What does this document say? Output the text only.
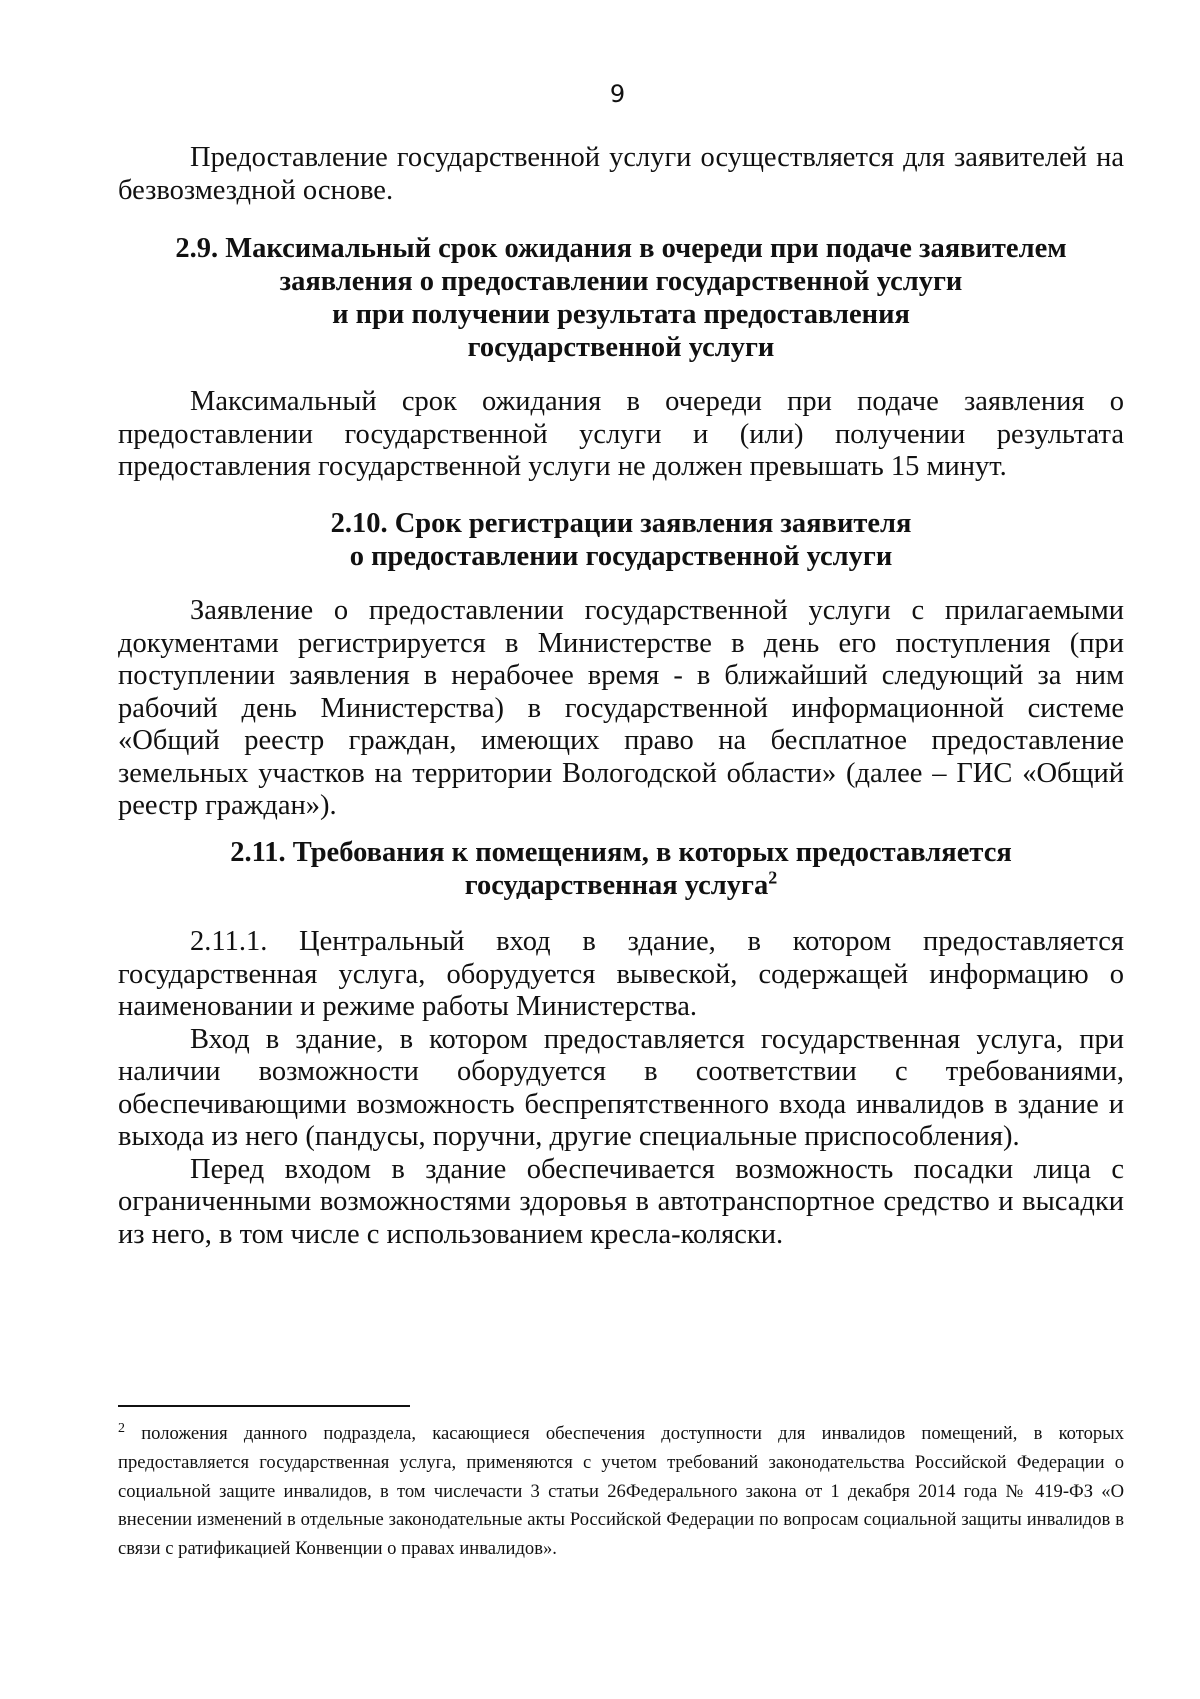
9

Предоставление государственной услуги осуществляется для заявителей на безвозмездной основе.

2.9. Максимальный срок ожидания в очереди при подаче заявителем
заявления о предоставлении государственной услуги
и при получении результата предоставления
государственной услуги

Максимальный срок ожидания в очереди при подаче заявления о предоставлении государственной услуги и (или) получении результата предоставления государственной услуги не должен превышать 15 минут.

2.10. Срок регистрации заявления заявителя
о предоставлении государственной услуги

Заявление о предоставлении государственной услуги с прилагаемыми документами регистрируется в Министерстве в день его поступления (при поступлении заявления в нерабочее время - в ближайший следующий за ним рабочий день Министерства) в государственной информационной системе «Общий реестр граждан, имеющих право на бесплатное предоставление земельных участков на территории Вологодской области» (далее – ГИС «Общий реестр граждан»).

2.11. Требования к помещениям, в которых предоставляется
государственная услуга$^2$

2.11.1. Центральный вход в здание, в котором предоставляется государственная услуга, оборудуется вывеской, содержащей информацию о наименовании и режиме работы Министерства.

Вход в здание, в котором предоставляется государственная услуга, при наличии возможности оборудуется в соответствии с требованиями, обеспечивающими возможность беспрепятственного входа инвалидов в здание и выхода из него (пандусы, поручни, другие специальные приспособления).

Перед входом в здание обеспечивается возможность посадки лица с ограниченными возможностями здоровья в автотранспортное средство и высадки из него, в том числе с использованием кресла-коляски.

$^2$ положения данного подраздела, касающиеся обеспечения доступности для инвалидов помещений, в которых предоставляется государственная услуга, применяются с учетом требований законодательства Российской Федерации о социальной защите инвалидов, в том числечасти 3 статьи 26Федерального закона от 1 декабря 2014 года № 419-ФЗ «О внесении изменений в отдельные законодательные акты Российской Федерации по вопросам социальной защиты инвалидов в связи с ратификацией Конвенции о правах инвалидов».
